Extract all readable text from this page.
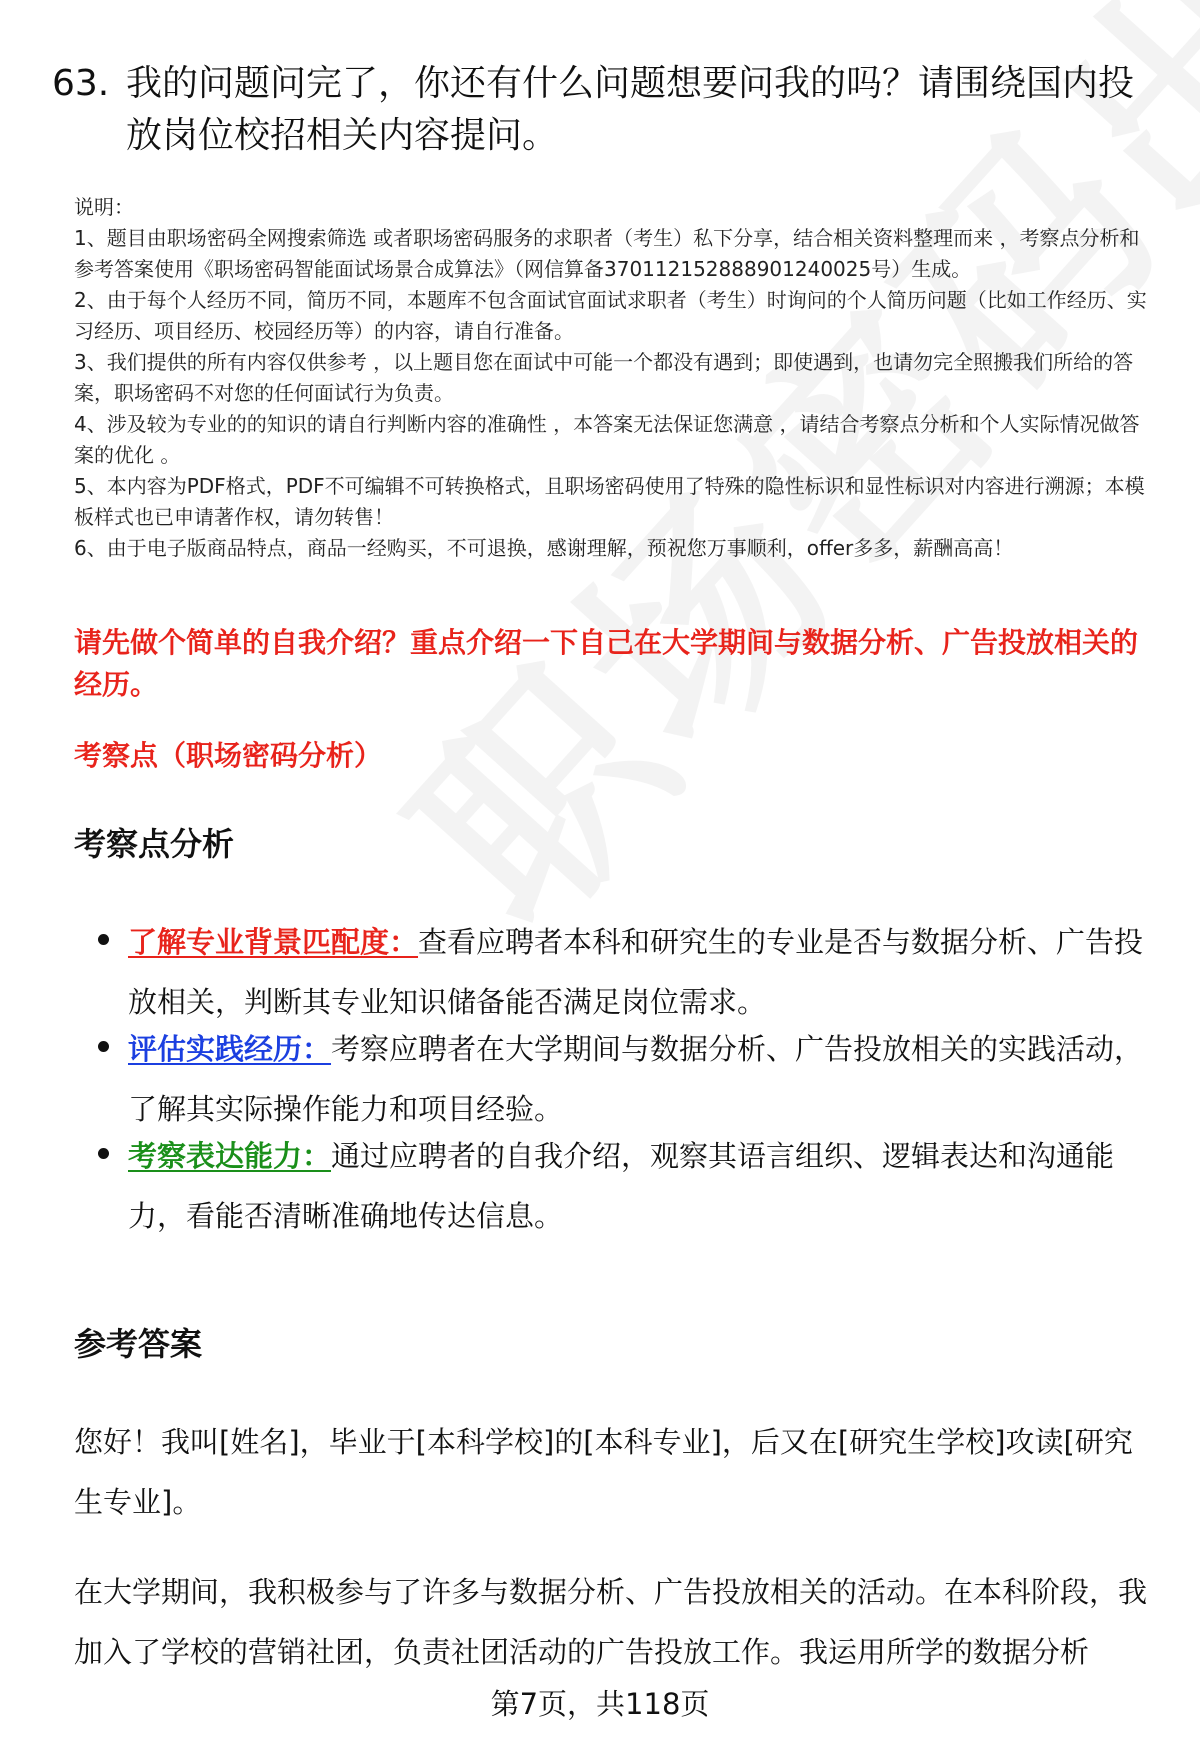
63. 我的问题问完了，你还有什么问题想要问我的吗？请围绕国内投放岗位校招相关内容提问。

说明：

1、题目由职场密码全网搜索筛选 或者职场密码服务的求职者（考生）私下分享，结合相关资料整理而来 ，考察点分析和参考答案使用《职场密码智能面试场景合成算法》（网信算备370112152888901240025号）生成。

2、由于每个人经历不同，简历不同，本题库不包含面试官面试求职者（考生）时询问的个人简历问题（比如工作经历、实习经历、项目经历、校园经历等）的内容，请自行准备。

3、我们提供的所有内容仅供参考 ，以上题目您在面试中可能一个都没有遇到；即使遇到，也请勿完全照搬我们所给的答案，职场密码不对您的任何面试行为负责。

4、涉及较为专业的的知识的请自行判断内容的准确性 ，本答案无法保证您满意 ，请结合考察点分析和个人实际情况做答案的优化 。

5、本内容为PDF格式，PDF不可编辑不可转换格式，且职场密码使用了特殊的隐性标识和显性标识对内容进行溯源；本模板样式也已申请著作权，请勿转售！

6、由于电子版商品特点，商品一经购买，不可退换，感谢理解，预祝您万事顺利，offer多多，薪酬高高！

请先做个简单的自我介绍？重点介绍一下自己在大学期间与数据分析、广告投放相关的经历。
考察点（职场密码分析）
考察点分析
了解专业背景匹配度：查看应聘者本科和研究生的专业是否与数据分析、广告投放相关，判断其专业知识储备能否满足岗位需求。
评估实践经历：考察应聘者在大学期间与数据分析、广告投放相关的实践活动，了解其实际操作能力和项目经验。
考察表达能力：通过应聘者的自我介绍，观察其语言组织、逻辑表达和沟通能力，看能否清晰准确地传达信息。
参考答案

您好！我叫[姓名]，毕业于[本科学校]的[本科专业]，后又在[研究生学校]攻读[研究生专业]。

在大学期间，我积极参与了许多与数据分析、广告投放相关的活动。在本科阶段，我加入了学校的营销社团，负责社团活动的广告投放工作。我运用所学的数据分析

第7页，共118页
